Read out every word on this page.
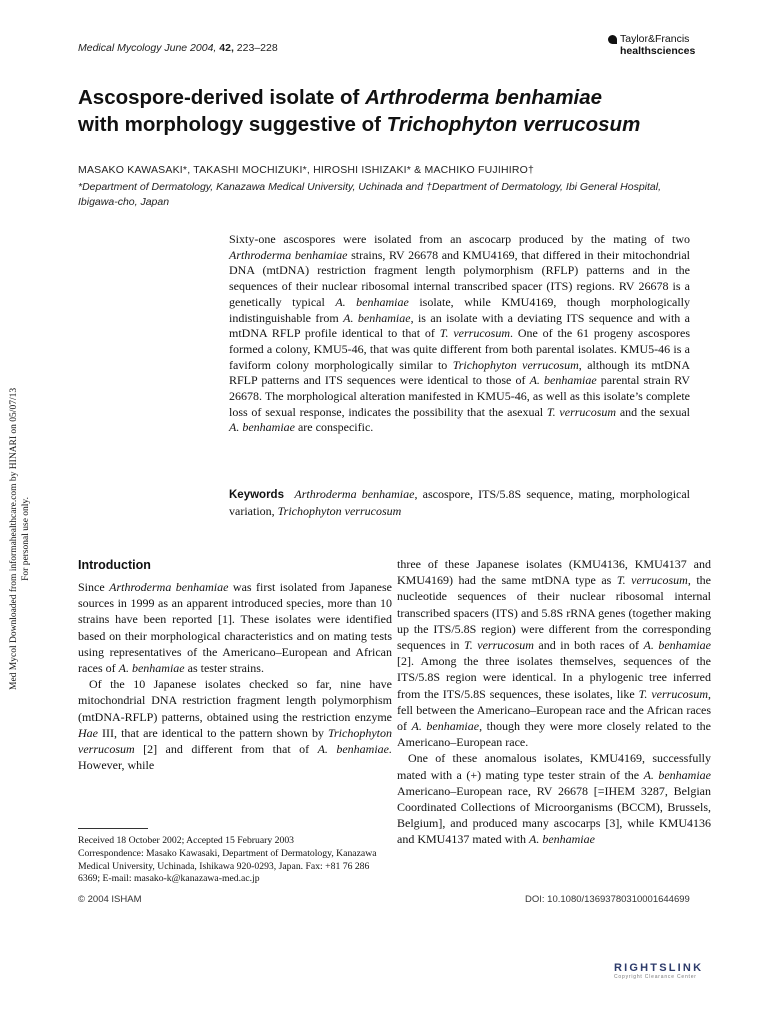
Medical Mycology June 2004, 42, 223–228
Taylor&Francis
healthsciences
Ascospore-derived isolate of Arthroderma benhamiae
with morphology suggestive of Trichophyton verrucosum
MASAKO KAWASAKI*, TAKASHI MOCHIZUKI*, HIROSHI ISHIZAKI* & MACHIKO FUJIHIRO†
*Department of Dermatology, Kanazawa Medical University, Uchinada and †Department of Dermatology, Ibi General Hospital, Ibigawa-cho, Japan
Sixty-one ascospores were isolated from an ascocarp produced by the mating of two Arthroderma benhamiae strains, RV 26678 and KMU4169, that differed in their mitochondrial DNA (mtDNA) restriction fragment length polymorphism (RFLP) patterns and in the sequences of their nuclear ribosomal internal transcribed spacer (ITS) regions. RV 26678 is a genetically typical A. benhamiae isolate, while KMU4169, though morphologically indistinguishable from A. benhamiae, is an isolate with a deviating ITS sequence and with a mtDNA RFLP profile identical to that of T. verrucosum. One of the 61 progeny ascospores formed a colony, KMU5-46, that was quite different from both parental isolates. KMU5-46 is a faviform colony morphologically similar to Trichophyton verrucosum, although its mtDNA RFLP patterns and ITS sequences were identical to those of A. benhamiae parental strain RV 26678. The morphological alteration manifested in KMU5-46, as well as this isolate’s complete loss of sexual response, indicates the possibility that the asexual T. verrucosum and the sexual A. benhamiae are conspecific.
Keywords Arthroderma benhamiae, ascospore, ITS/5.8S sequence, mating, morphological variation, Trichophyton verrucosum
Med Mycol Downloaded from informahealthcare.com by HINARI on 05/07/13 For personal use only.	Introduction

Since Arthroderma benhamiae was first isolated from Japanese sources in 1999 as an apparent introduced species, more than 10 strains have been reported [1]. These isolates were identified based on their morphological characteristics and on mating tests using representatives of the Americano–European and African races of A. benhamiae as tester strains.

Of the 10 Japanese isolates checked so far, nine have mitochondrial DNA restriction fragment length polymorphism (mtDNA-RFLP) patterns, obtained using the restriction enzyme Hae III, that are identical to the pattern shown by Trichophyton verrucosum [2] and different from that of A. benhamiae. However, while

three of these Japanese isolates (KMU4136, KMU4137 and KMU4169) had the same mtDNA type as T. verrucosum, the nucleotide sequences of their nuclear ribosomal internal transcribed spacers (ITS) and 5.8S rRNA genes (together making up the ITS/5.8S region) were different from the corresponding sequences in T. verrucosum and in both races of A. benhamiae [2]. Among the three isolates themselves, sequences of the ITS/5.8S region were identical. In a phylogenic tree inferred from the ITS/5.8S sequences, these isolates, like T. verrucosum, fell between the Americano–European race and the African races of A. benhamiae, though they were more closely related to the Americano–European race.

One of these anomalous isolates, KMU4169, successfully mated with a (+) mating type tester strain of the A. benhamiae Americano–European race, RV 26678 [=IHEM 3287, Belgian Coordinated Collections of Microorganisms (BCCM), Brussels, Belgium], and produced many ascocarps [3], while KMU4136 and KMU4137 mated with A. benhamiae

Received 18 October 2002; Accepted 15 February 2003
Correspondence: Masako Kawasaki, Department of Dermatology, Kanazawa Medical University, Uchinada, Ishikawa 920-0293, Japan. Fax: +81 76 286 6369; E-mail: masako-k@kanazawa-med.ac.jp
© 2004 ISHAM	DOI: 10.1080/13693780310001644699
RIGHTSLINK
Copyright Clearance Center
